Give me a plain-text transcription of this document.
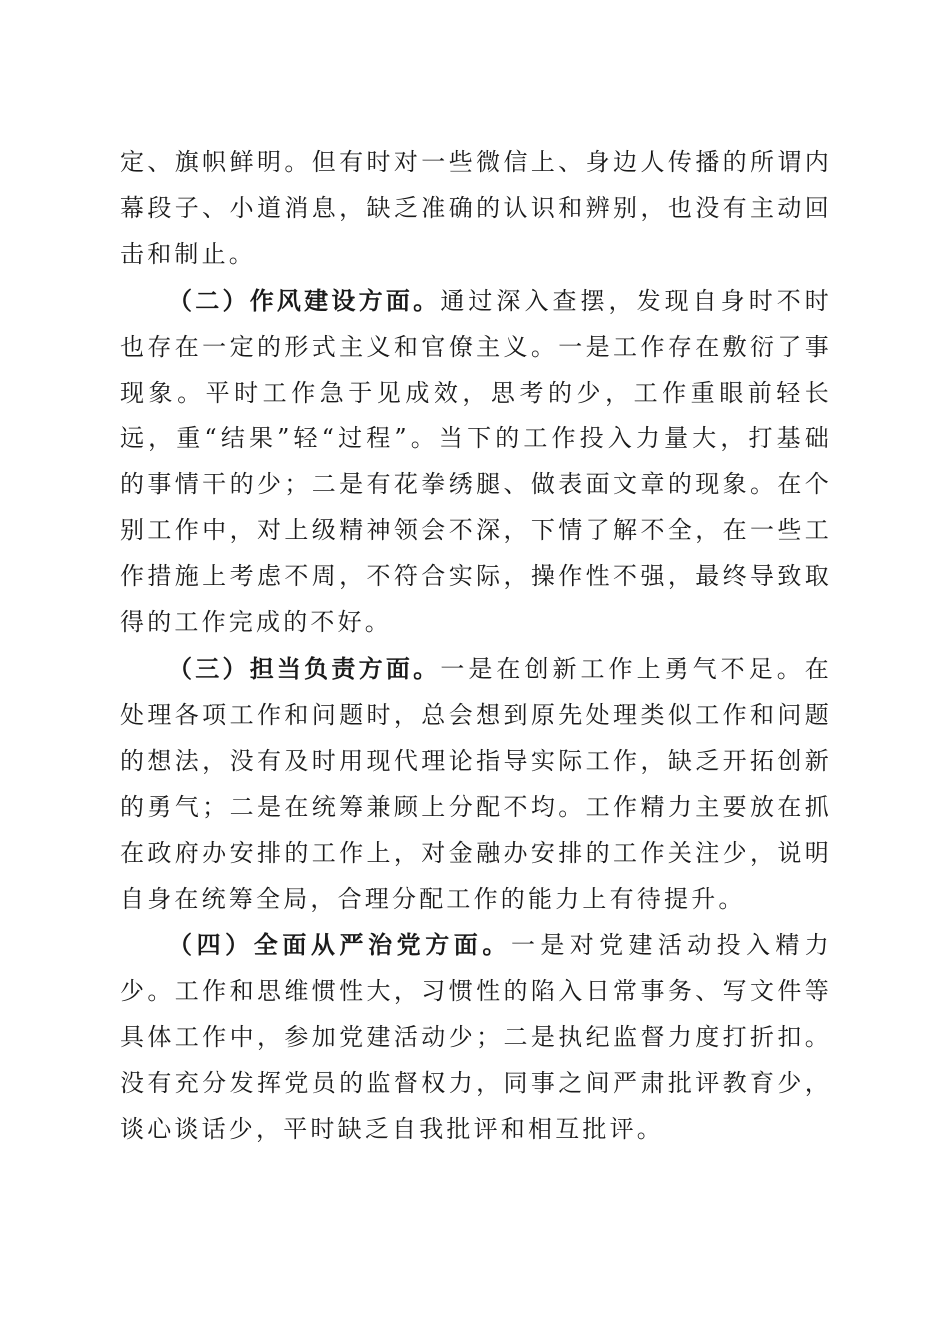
定、旗帜鲜明。但有时对一些微信上、身边人传播的所谓内幕段子、小道消息，缺乏准确的认识和辨别，也没有主动回击和制止。

（二）作风建设方面。通过深入查摆，发现自身时不时也存在一定的形式主义和官僚主义。一是工作存在敷衍了事现象。平时工作急于见成效，思考的少，工作重眼前轻长远，重“结果”轻“过程”。当下的工作投入力量大，打基础的事情干的少；二是有花拳绣腿、做表面文章的现象。在个别工作中，对上级精神领会不深，下情了解不全，在一些工作措施上考虑不周，不符合实际，操作性不强，最终导致取得的工作完成的不好。

（三）担当负责方面。一是在创新工作上勇气不足。在处理各项工作和问题时，总会想到原先处理类似工作和问题的想法，没有及时用现代理论指导实际工作，缺乏开拓创新的勇气；二是在统筹兼顾上分配不均。工作精力主要放在抓在政府办安排的工作上，对金融办安排的工作关注少，说明自身在统筹全局，合理分配工作的能力上有待提升。

（四）全面从严治党方面。一是对党建活动投入精力少。工作和思维惯性大，习惯性的陷入日常事务、写文件等具体工作中，参加党建活动少；二是执纪监督力度打折扣。没有充分发挥党员的监督权力，同事之间严肃批评教育少，谈心谈话少，平时缺乏自我批评和相互批评。
